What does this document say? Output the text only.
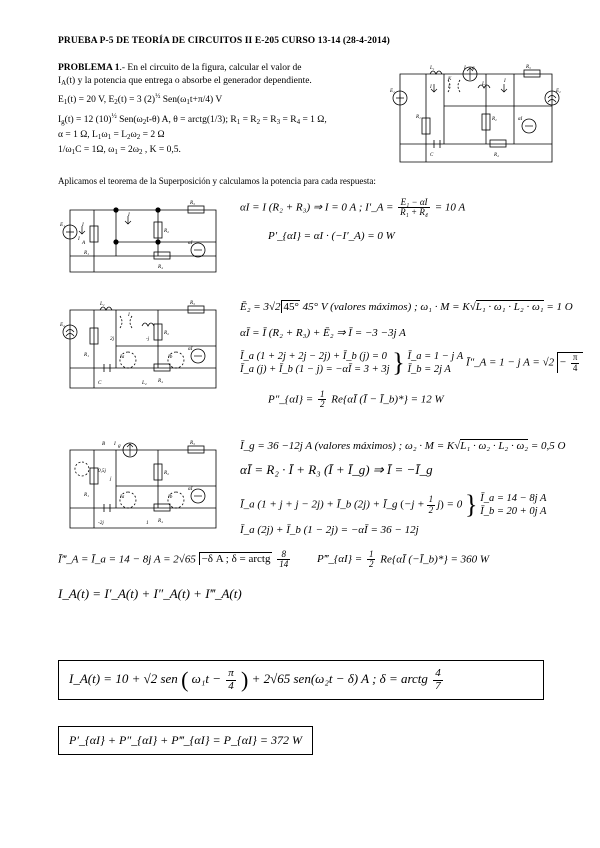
PRUEBA P-5 DE TEORÍA DE CIRCUITOS II E-205 CURSO 13-14 (28-4-2014)
PROBLEMA 1.- En el circuito de la figura, calcular el valor de
$I_A(t)$ y la potencia que entrega o absorbe el generador dependiente.
$E_1(t) = 20$ V, $E_2(t) = 3$ $(2)^{\frac{1}{2}}$ $Sen(\omega_1t+\pi/4)$ V
$I_g(t) = 12$ $(10)^{\frac{1}{2}}$ $Sen(\omega_2t-\theta)$ A, θ = arctg(1/3); $R_1 = R_2 = R_3 = R_4 = 1$ Ω,
α = 1 Ω, $L_1\omega_1 = L_2\omega_2 = 2$ Ω
$1/\omega_1C = 1\Omega$, $\omega_1 = 2\omega_2$ , K = 0,5.
Aplicamos el teorema de la Superposición y calculamos la potencia para cada respuesta:
E₁
L₁	I g	R₃
K
L₂
R₂
R₁
R₄
C
E₂
αI
I
I
I
E₁
R₃
R₂
I
I
A
R₁
R₄
αI
I
αI = I (R₂ + R₃) ⇒ I = 0 A ; I′_A = $\frac{\text{E₁ − αI}}{\text{R₁ + R₄}} = 10$ A
P′_{αI} = αI · (−I′_A) = 0 W
E₂
L₁	R₃
R₂
R₁
C	L₂ R₄
αI
Ia	Ib
I
2j	-j
Ē₂ = 3√2 45° 45° V (valores máximos) ; ω₁ · M = K√L₁ · ω₁ · L₂ · ω₁ = 1 O
αĪ = Ī (R₂ + R₃) + Ē₂ ⇒ Ī = −3 −3j A
Ī_a (1 + 2j + 2j − 2j) + Ī_b (j) = 0
Ī_a (j) + Ī_b (1 − j) = −αĪ = 3 + 3j } Ī_a = 1 − j A
Ī_b = 2j A Ī″_A = 1 − j $A = √2 - \frac{\pi}{4}$
P″_{αI} = $\frac{1}{2}$ Re{αĪ (Ī − Ī_b)*} = 12 W
I g
B	R₃
R₂
R₁
R₄
αI
Ia	Ib
0,5j
j
-2j	1
Ī_g = 36 −12j A (valores máximos) ; ω₂ · M = K√L₁ · ω₂ · L₂ · ω₂ = 0,5 O
αĪ = R₂ · Ī + R₃ (Ī + Ī_g) ⇒ Ī = −Ī_g
Ī_a (1 + j + j − 2j) + Ī_b (2j) + Ī_g $(-j + \frac{1}{2} j) = 0$ } Ī_a = 14 − 8j A
Ī_b = 20 + 0j A
Ī_a (2j) + Ī_b (1 − 2j) = −αĪ = 36 − 12j
Ī‴_A = Ī_a = 14 − 8j A = 2√65 −δ A ; δ = arctg $\frac{8}{14}$ P‴_{αI} = $\frac{1}{2}$ Re{αĪ (−Ī_b)*} = 360 W
I_A(t) = I′_A(t) + I″_A(t) + I‴_A(t)
I_A(t) = 10 + √2 sen ( $\omega_1t - \frac{\pi}{4}$ ) + 2√65 sen(ω₂t − δ) A ; δ = arctg $\frac{4}{7}$
P′_{αI} + P″_{αI} + P‴_{αI} = P_{αI} = 372 W
